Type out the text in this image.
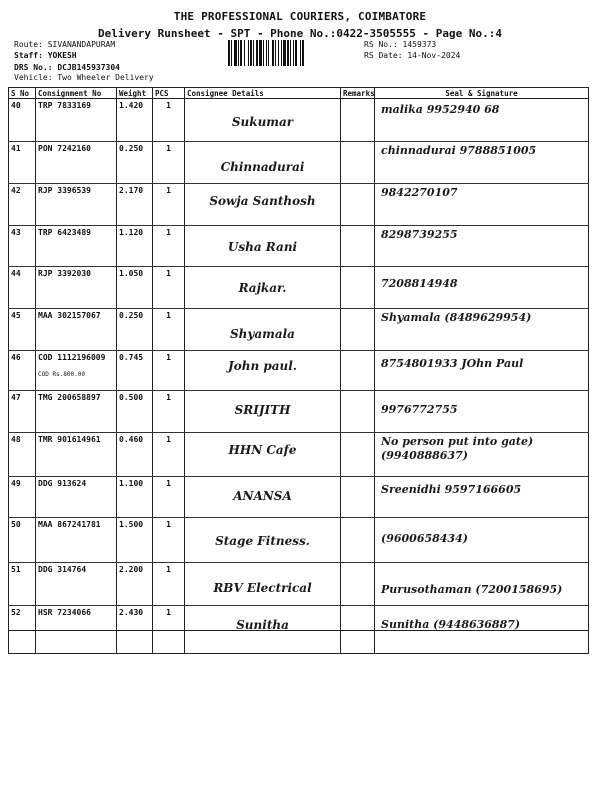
THE PROFESSIONAL COURIERS, COIMBATORE
Delivery Runsheet - SPT - Phone No.:0422-3505555 - Page No.:4
Route: SIVANANDAPURAM
Staff: YOKESH
DRS No.: DCJB145937304
Vehicle: Two Wheeler Delivery
RS No.: 1459373
RS Date: 14-Nov-2024
S No	Consignment No	Weight	PCS	Consignee Details	Remarks	Seal & Signature
40	TRP 7833169	1.420	1	Sukumar		malika 9952940 68

41	PON 7242160	0.250	1	Chinnadurai		chinnadurai 9788851005

42	RJP 3396539	2.170	1	Sowja Santhosh		9842270107

43	TRP 6423489	1.120	1	Usha Rani		8298739255

44	RJP 3392030	1.050	1	Rajkar.		7208814948

45	MAA 302157067	0.250	1	Shyamala		Shyamala (8489629954)

46	COD 1112196009
COD Rs.800.00	0.745	1	John paul.		8754801933 JOhn Paul

47	TMG 200658897	0.500	1	SRIJITH		9976772755

48	TMR 901614961	0.460	1	HHN Cafe		No person put into gate) (9940888637)

49	DDG 913624	1.100	1	ANANSA		Sreenidhi 9597166605

50	MAA 867241781	1.500	1	Stage Fitness.		(9600658434)

51	DDG 314764	2.200	1	RBV Electrical		Purusothaman (7200158695)

52	HSR 7234066	2.430	1	Sunitha		Sunitha (9448636887)
